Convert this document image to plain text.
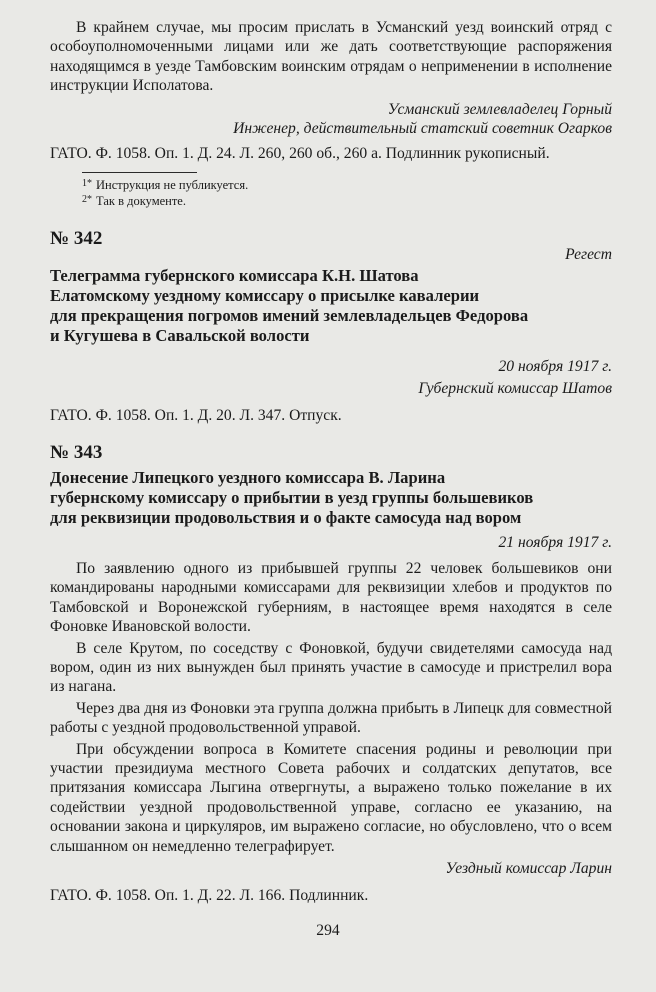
В крайнем случае, мы просим прислать в Усманский уезд воинский отряд с особоуполномоченными лицами или же дать соответствующие распоряжения находящимся в уезде Тамбовским воинским отрядам о неприменении в исполнение инструкции Исполатова.

Усманский землевладелец Горный

Инженер, действительный статский советник Огарков

ГАТО. Ф. 1058. Оп. 1. Д. 24. Л. 260, 260 об., 260 а. Подлинник рукописный.

1* Инструкция не публикуется.
2* Так в документе.
№ 342
Регест
Телеграмма губернского комиссара К.Н. Шатова
Елатомскому уездному комиссару о присылке кавалерии
для прекращения погромов имений землевладельцев Федорова
и Кугушева в Савальской волости

20 ноября 1917 г.

Губернский комиссар Шатов

ГАТО. Ф. 1058. Оп. 1. Д. 20. Л. 347. Отпуск.

№ 343
Донесение Липецкого уездного комиссара В. Ларина
губернскому комиссару о прибытии в уезд группы большевиков
для реквизиции продовольствия и о факте самосуда над вором

21 ноября 1917 г.

По заявлению одного из прибывшей группы 22 человек большевиков они командированы народными комиссарами для реквизиции хлебов и продуктов по Тамбовской и Воронежской губерниям, в настоящее время находятся в селе Фоновке Ивановской волости.

В селе Крутом, по соседству с Фоновкой, будучи свидетелями самосуда над вором, один из них вынужден был принять участие в самосуде и пристрелил вора из нагана.

Через два дня из Фоновки эта группа должна прибыть в Липецк для совместной работы с уездной продовольственной управой.

При обсуждении вопроса в Комитете спасения родины и революции при участии президиума местного Совета рабочих и солдатских депутатов, все притязания комиссара Лыгина отвергнуты, а выражено только пожелание в их содействии уездной продовольственной управе, согласно ее указанию, на основании закона и циркуляров, им выражено согласие, но обусловлено, что о всем слышанном он немедленно телеграфирует.

Уездный комиссар Ларин

ГАТО. Ф. 1058. Оп. 1. Д. 22. Л. 166. Подлинник.

294
